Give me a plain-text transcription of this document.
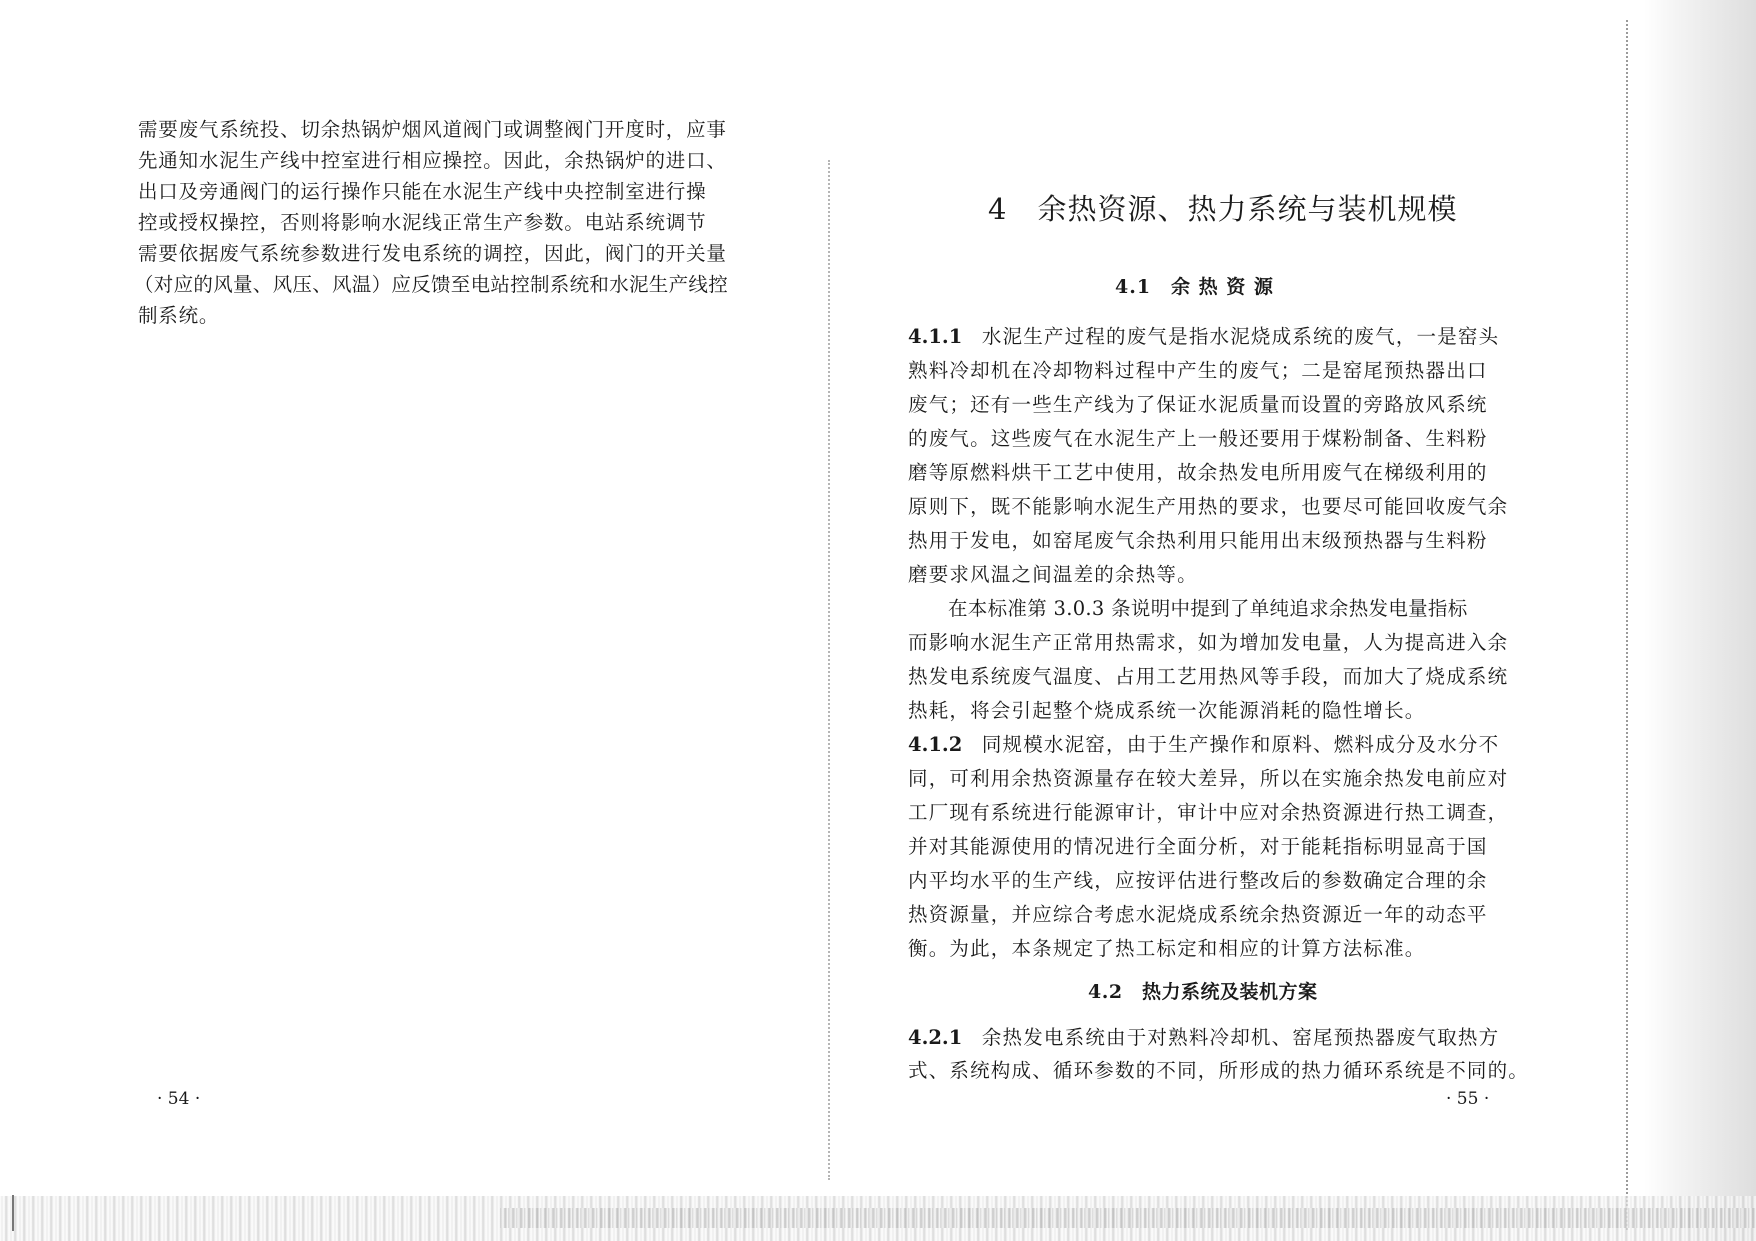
需要废气系统投、切余热锅炉烟风道阀门或调整阀门开度时，应事
先通知水泥生产线中控室进行相应操控。因此，余热锅炉的进口、
出口及旁通阀门的运行操作只能在水泥生产线中央控制室进行操
控或授权操控，否则将影响水泥线正常生产参数。电站系统调节
需要依据废气系统参数进行发电系统的调控，因此，阀门的开关量
（对应的风量、风压、风温）应反馈至电站控制系统和水泥生产线控
制系统。
· 54 ·
4　余热资源、热力系统与装机规模
4.1　余 热 资 源
4.1.1　 水泥生产过程的废气是指水泥烧成系统的废气，一是窑头
熟料冷却机在冷却物料过程中产生的废气；二是窑尾预热器出口
废气；还有一些生产线为了保证水泥质量而设置的旁路放风系统
的废气。这些废气在水泥生产上一般还要用于煤粉制备、生料粉
磨等原燃料烘干工艺中使用，故余热发电所用废气在梯级利用的
原则下，既不能影响水泥生产用热的要求，也要尽可能回收废气余
热用于发电，如窑尾废气余热利用只能用出末级预热器与生料粉
磨要求风温之间温差的余热等。
在本标准第 3.0.3 条说明中提到了单纯追求余热发电量指标
而影响水泥生产正常用热需求，如为增加发电量，人为提高进入余
热发电系统废气温度、占用工艺用热风等手段，而加大了烧成系统
热耗，将会引起整个烧成系统一次能源消耗的隐性增长。
4.1.2　 同规模水泥窑，由于生产操作和原料、燃料成分及水分不
同，可利用余热资源量存在较大差异，所以在实施余热发电前应对
工厂现有系统进行能源审计，审计中应对余热资源进行热工调查，
并对其能源使用的情况进行全面分析，对于能耗指标明显高于国
内平均水平的生产线，应按评估进行整改后的参数确定合理的余
热资源量，并应综合考虑水泥烧成系统余热资源近一年的动态平
衡。为此，本条规定了热工标定和相应的计算方法标准。
4.2　热力系统及装机方案
4.2.1　 余热发电系统由于对熟料冷却机、窑尾预热器废气取热方
式、系统构成、循环参数的不同，所形成的热力循环系统是不同的。
· 55 ·
